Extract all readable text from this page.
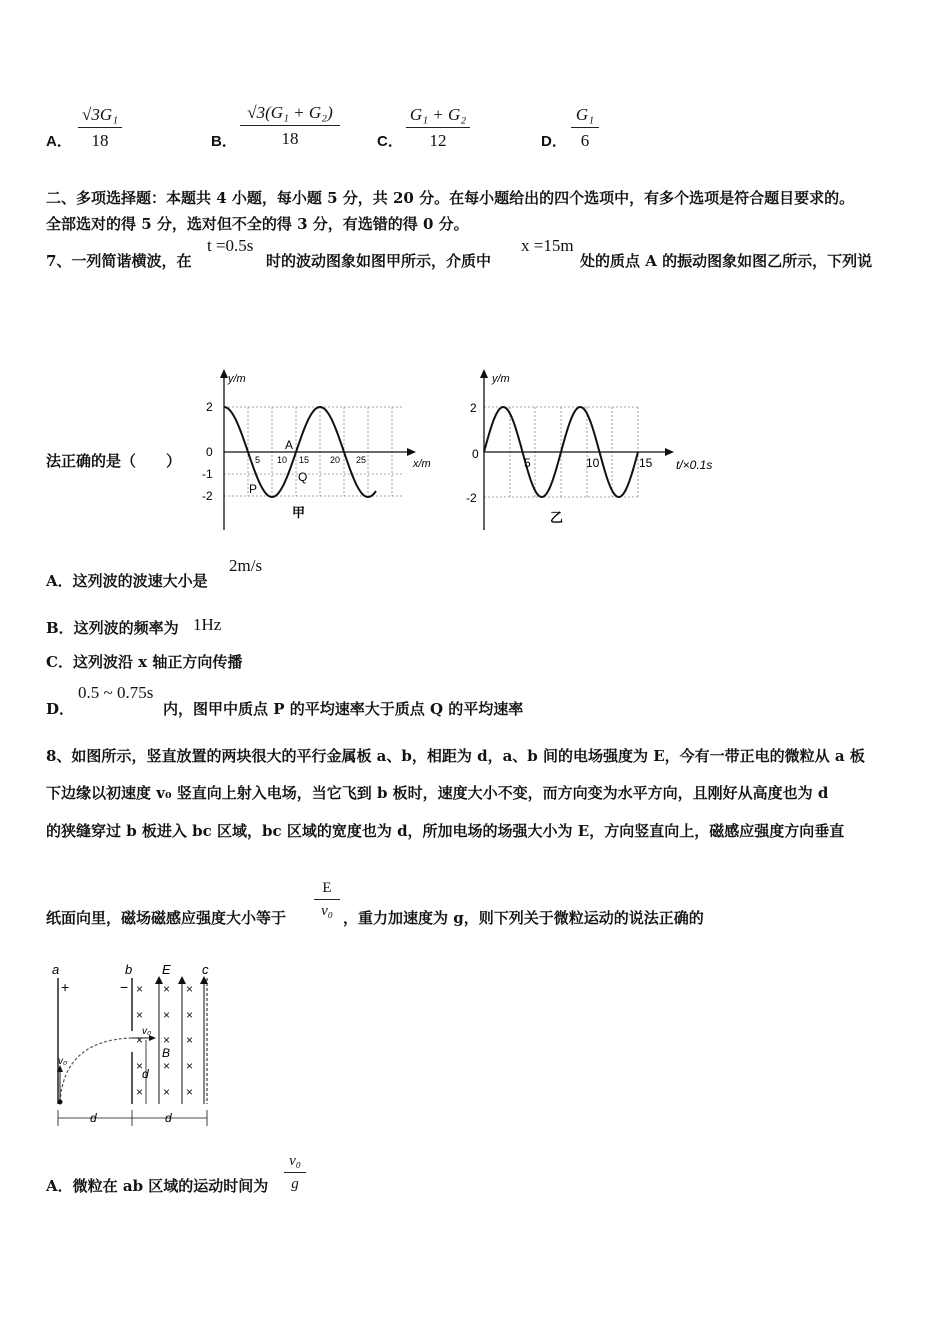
A． $\frac{\text{√3G₁}}{18}$	B． $\frac{\text{√3(G₁ + G₂)}}{18}$ C． $\frac{\text{G₁ + G₂}}{12}$	D． $\frac{\text{G₁}}{6}$
二、多项选择题：本题共 4 小题，每小题 5 分，共 20 分。在每小题给出的四个选项中，有多个选项是符合题目要求的。
全部选对的得 5 分，选对但不全的得 3 分，有选错的得 0 分。
7、一列简谐横波，在
t =0.5s
时的波动图象如图甲所示，介质中
x =15m
处的质点 A 的振动图象如图乙所示，下列说
法正确的是（　　）
y/m
x/m
2
0
-1
-2
5 10 15 20 25
A
P
Q
甲
y/m
t/×0.1s
2
0
-2
5	10	15
乙
A．这列波的波速大小是
2m/s
B．这列波的频率为 1Hz
C．这列波沿 x 轴正方向传播
D．
0.5 ~ 0.75s
内，图甲中质点 P 的平均速率大于质点 Q 的平均速率
8、如图所示，竖直放置的两块很大的平行金属板 a、b，相距为 d，a、b 间的电场强度为 E，今有一带正电的微粒从 a 板
下边缘以初速度 v₀ 竖直向上射入电场，当它飞到 b 板时，速度大小不变，而方向变为水平方向，且刚好从高度也为 d
的狭缝穿过 b 板进入 bc 区域，bc 区域的宽度也为 d，所加电场的场强大小为 E，方向竖直向上，磁感应强度方向垂直
纸面向里，磁场磁感应强度大小等于 $\frac{E}{\text{v₀}}$ ，重力加速度为 g，则下列关于微粒运动的说法正确的
× × ×
× × ×
× × ×
× × ×
× × ×
a	b E c
+	−
v₀
v₀
B
d
d	d
A．微粒在 ab 区域的运动时间为 $\frac{\text{v₀}}{g}$
